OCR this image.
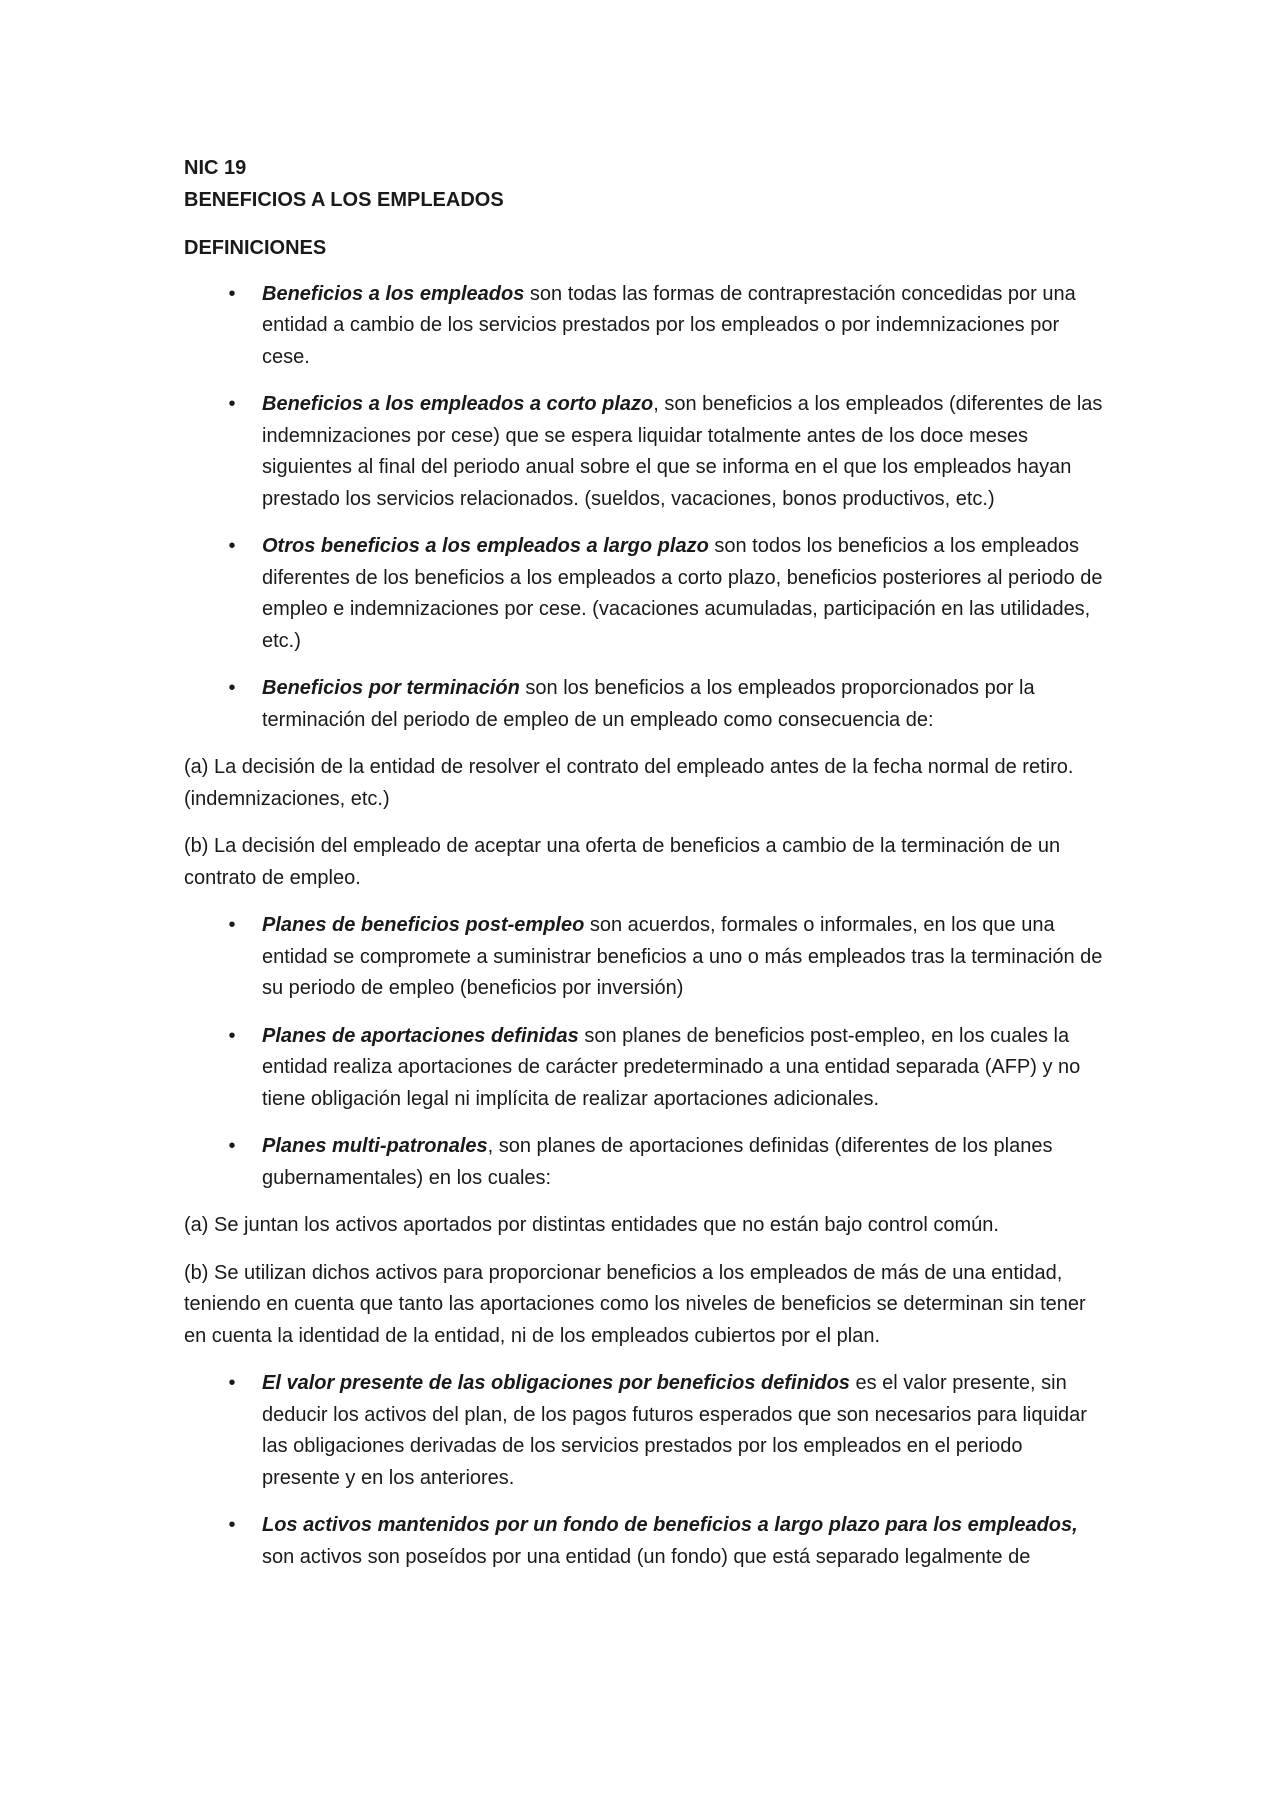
NIC 19

BENEFICIOS A LOS EMPLEADOS

DEFINICIONES

•	Beneficios a los empleados son todas las formas de contraprestación concedidas por una entidad a cambio de los servicios prestados por los empleados o por indemnizaciones por cese.
•	Beneficios a los empleados a corto plazo, son beneficios a los empleados (diferentes de las indemnizaciones por cese) que se espera liquidar totalmente antes de los doce meses siguientes al final del periodo anual sobre el que se informa en el que los empleados hayan prestado los servicios relacionados. (sueldos, vacaciones, bonos productivos, etc.)
•	Otros beneficios a los empleados a largo plazo son todos los beneficios a los empleados diferentes de los beneficios a los empleados a corto plazo, beneficios posteriores al periodo de empleo e indemnizaciones por cese. (vacaciones acumuladas, participación en las utilidades, etc.)
•	Beneficios por terminación son los beneficios a los empleados proporcionados por la terminación del periodo de empleo de un empleado como consecuencia de:

(a) La decisión de la entidad de resolver el contrato del empleado antes de la fecha normal de retiro.(indemnizaciones, etc.)

(b) La decisión del empleado de aceptar una oferta de beneficios a cambio de la terminación de un contrato de empleo.

•	Planes de beneficios post-empleo son acuerdos, formales o informales, en los que una entidad se compromete a suministrar beneficios a uno o más empleados tras la terminación de su periodo de empleo (beneficios por inversión)
•	Planes de aportaciones definidas son planes de beneficios post-empleo, en los cuales la entidad realiza aportaciones de carácter predeterminado a una entidad separada (AFP) y no tiene obligación legal ni implícita de realizar aportaciones adicionales.
•	Planes multi-patronales, son planes de aportaciones definidas (diferentes de los planes gubernamentales) en los cuales:

(a) Se juntan los activos aportados por distintas entidades que no están bajo control común.

(b) Se utilizan dichos activos para proporcionar beneficios a los empleados de más de una entidad, teniendo en cuenta que tanto las aportaciones como los niveles de beneficios se determinan sin tener en cuenta la identidad de la entidad, ni de los empleados cubiertos por el plan.

•	El valor presente de las obligaciones por beneficios definidos es el valor presente, sin deducir los activos del plan, de los pagos futuros esperados que son necesarios para liquidar las obligaciones derivadas de los servicios prestados por los empleados en el periodo presente y en los anteriores.
•	Los activos mantenidos por un fondo de beneficios a largo plazo para los empleados, son activos son poseídos por una entidad (un fondo) que está separado legalmente de
